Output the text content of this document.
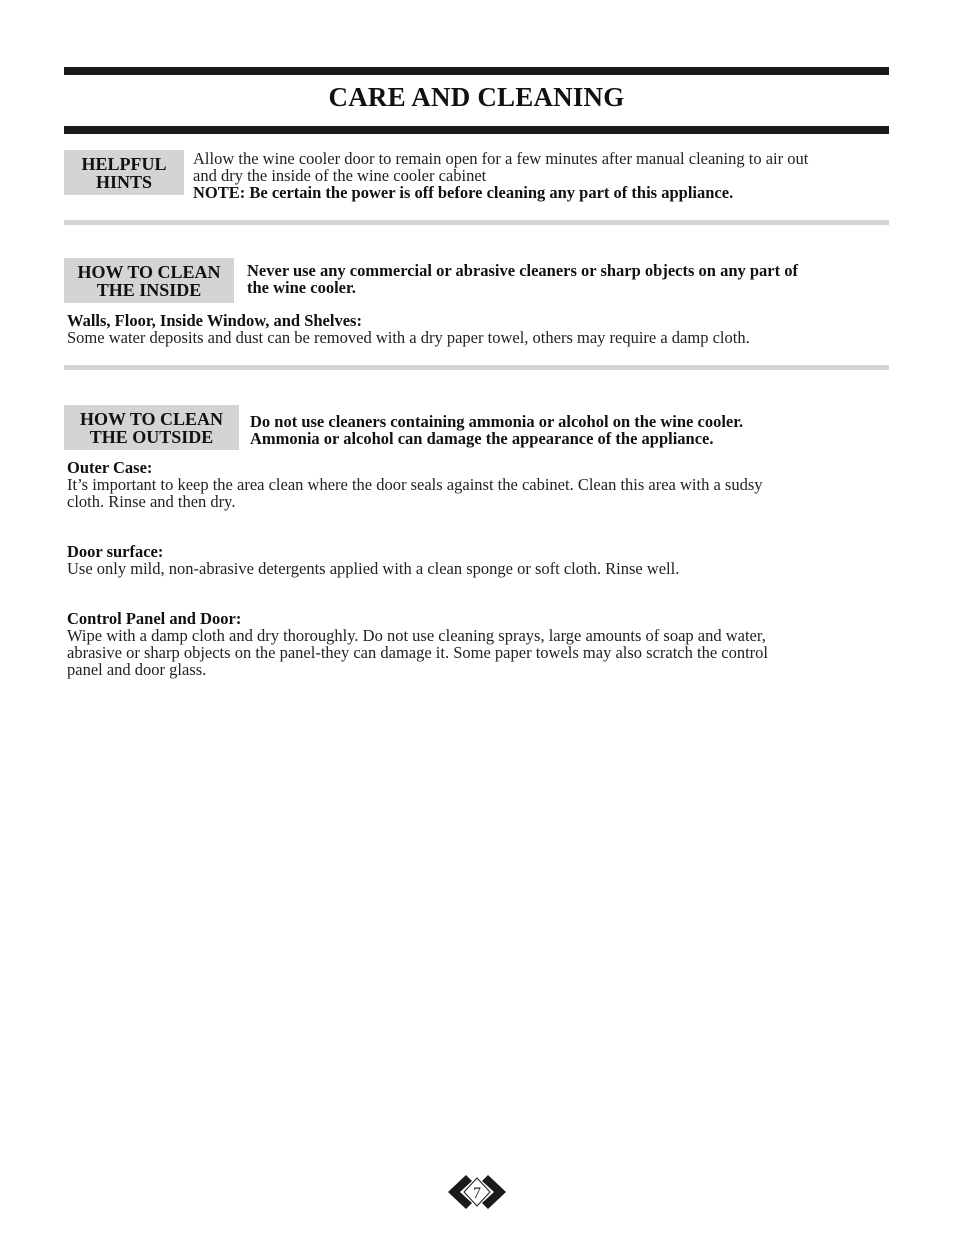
CARE AND CLEANING
HELPFUL
HINTS
Allow the wine cooler door to remain open for a few minutes after manual cleaning to air out
and dry the inside of the wine cooler cabinet
NOTE: Be certain the power is off before cleaning any part of this appliance.
HOW TO CLEAN
THE INSIDE
Never use any commercial or abrasive cleaners or sharp objects on any part of
the wine cooler.
Walls, Floor, Inside Window, and Shelves:
Some water deposits and dust can be removed with a dry paper towel, others may require a damp cloth.
HOW TO CLEAN
THE OUTSIDE
Do not use cleaners containing ammonia or alcohol on the wine cooler.
Ammonia or alcohol can damage the appearance of the appliance.
Outer Case:
It’s important to keep the area clean where the door seals against the cabinet. Clean this area with a sudsy
cloth. Rinse and then dry.
Door surface:
Use only mild, non-abrasive detergents applied with a clean sponge or soft cloth. Rinse well.
Control Panel and Door:
Wipe with a damp cloth and dry thoroughly. Do not use cleaning sprays, large amounts of soap and water,
abrasive or sharp objects on the panel-they can damage it. Some paper towels may also scratch the control
panel and door glass.
7
